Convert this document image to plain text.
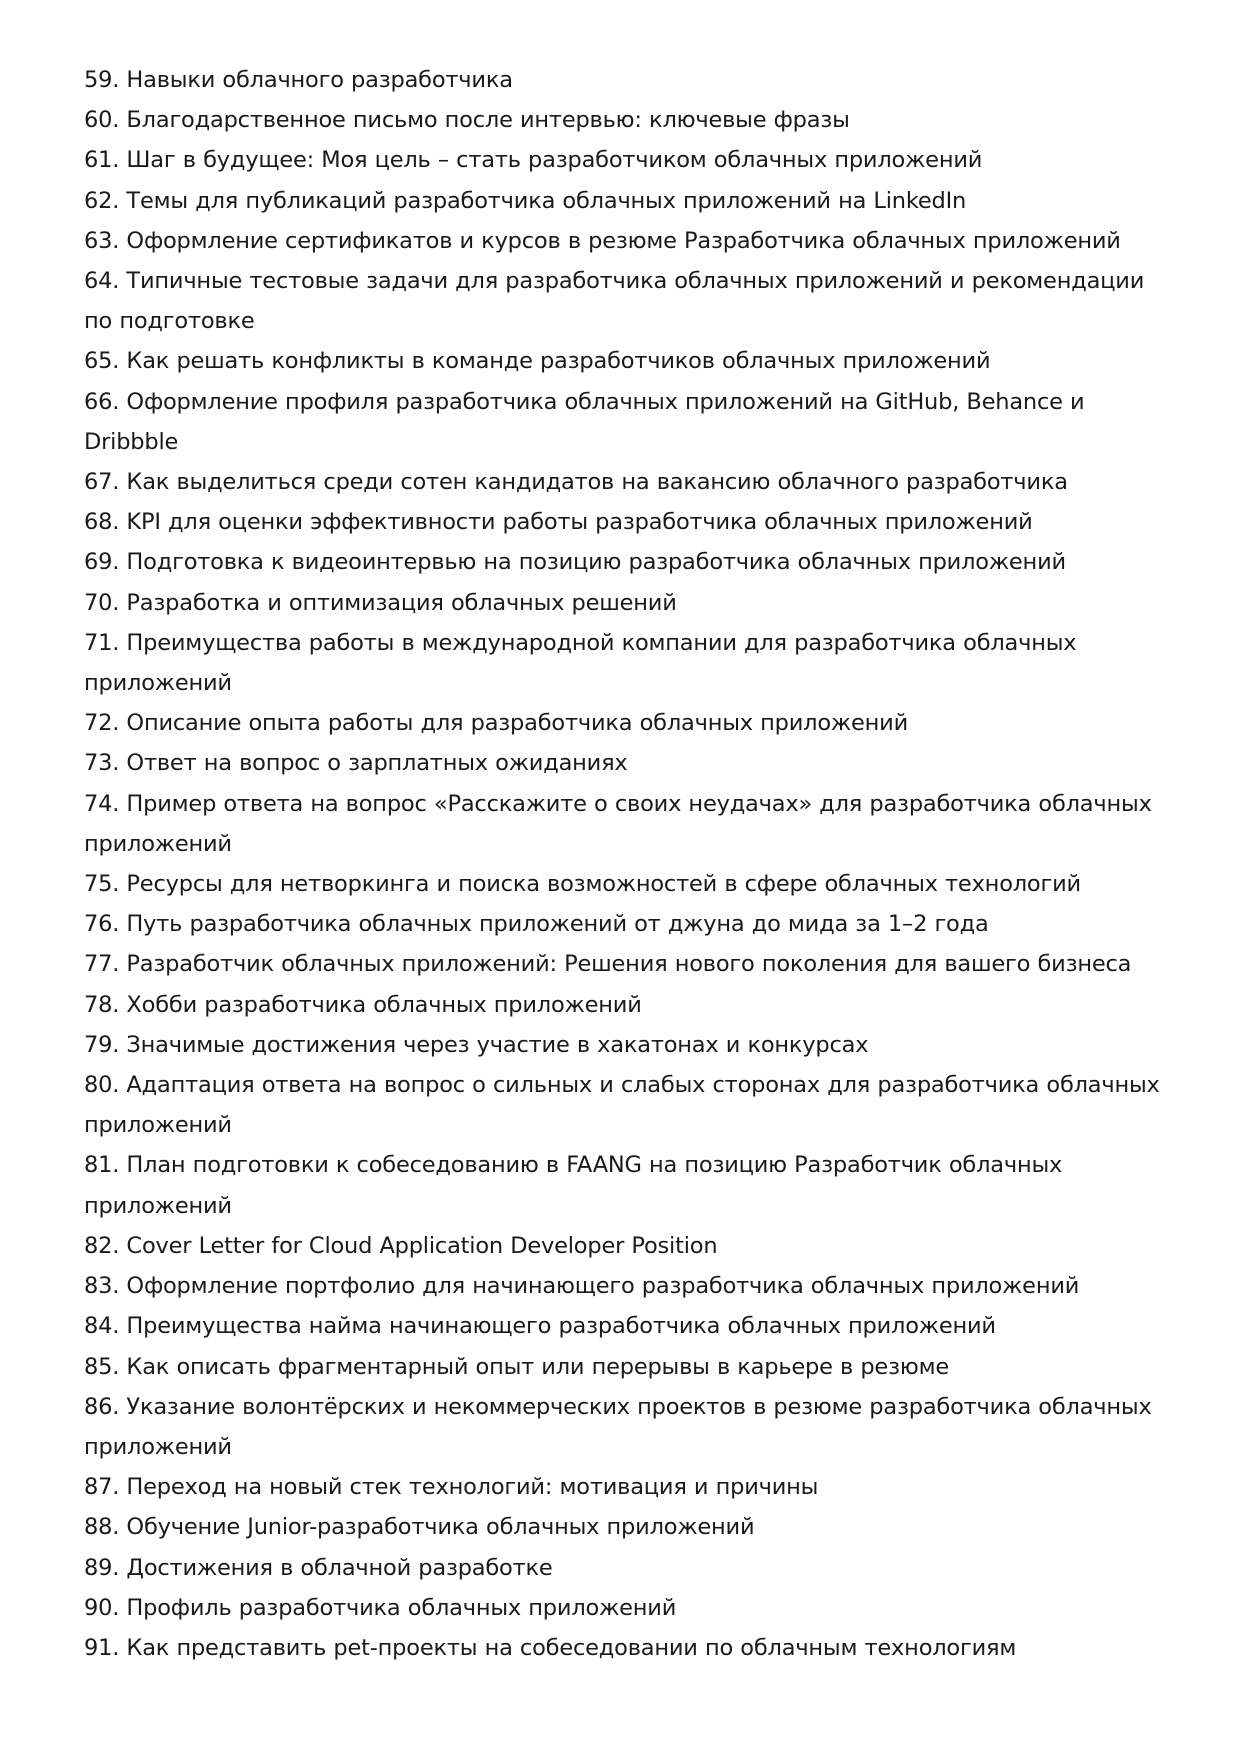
59. Навыки облачного разработчика
60. Благодарственное письмо после интервью: ключевые фразы
61. Шаг в будущее: Моя цель – стать разработчиком облачных приложений
62. Темы для публикаций разработчика облачных приложений на LinkedIn
63. Оформление сертификатов и курсов в резюме Разработчика облачных приложений
64. Типичные тестовые задачи для разработчика облачных приложений и рекомендации по подготовке
65. Как решать конфликты в команде разработчиков облачных приложений
66. Оформление профиля разработчика облачных приложений на GitHub, Behance и Dribbble
67. Как выделиться среди сотен кандидатов на вакансию облачного разработчика
68. KPI для оценки эффективности работы разработчика облачных приложений
69. Подготовка к видеоинтервью на позицию разработчика облачных приложений
70. Разработка и оптимизация облачных решений
71. Преимущества работы в международной компании для разработчика облачных приложений
72. Описание опыта работы для разработчика облачных приложений
73. Ответ на вопрос о зарплатных ожиданиях
74. Пример ответа на вопрос «Расскажите о своих неудачах» для разработчика облачных приложений
75. Ресурсы для нетворкинга и поиска возможностей в сфере облачных технологий
76. Путь разработчика облачных приложений от джуна до мида за 1–2 года
77. Разработчик облачных приложений: Решения нового поколения для вашего бизнеса
78. Хобби разработчика облачных приложений
79. Значимые достижения через участие в хакатонах и конкурсах
80. Адаптация ответа на вопрос о сильных и слабых сторонах для разработчика облачных приложений
81. План подготовки к собеседованию в FAANG на позицию Разработчик облачных приложений
82. Cover Letter for Cloud Application Developer Position
83. Оформление портфолио для начинающего разработчика облачных приложений
84. Преимущества найма начинающего разработчика облачных приложений
85. Как описать фрагментарный опыт или перерывы в карьере в резюме
86. Указание волонтёрских и некоммерческих проектов в резюме разработчика облачных приложений
87. Переход на новый стек технологий: мотивация и причины
88. Обучение Junior-разработчика облачных приложений
89. Достижения в облачной разработке
90. Профиль разработчика облачных приложений
91. Как представить pet-проекты на собеседовании по облачным технологиям
